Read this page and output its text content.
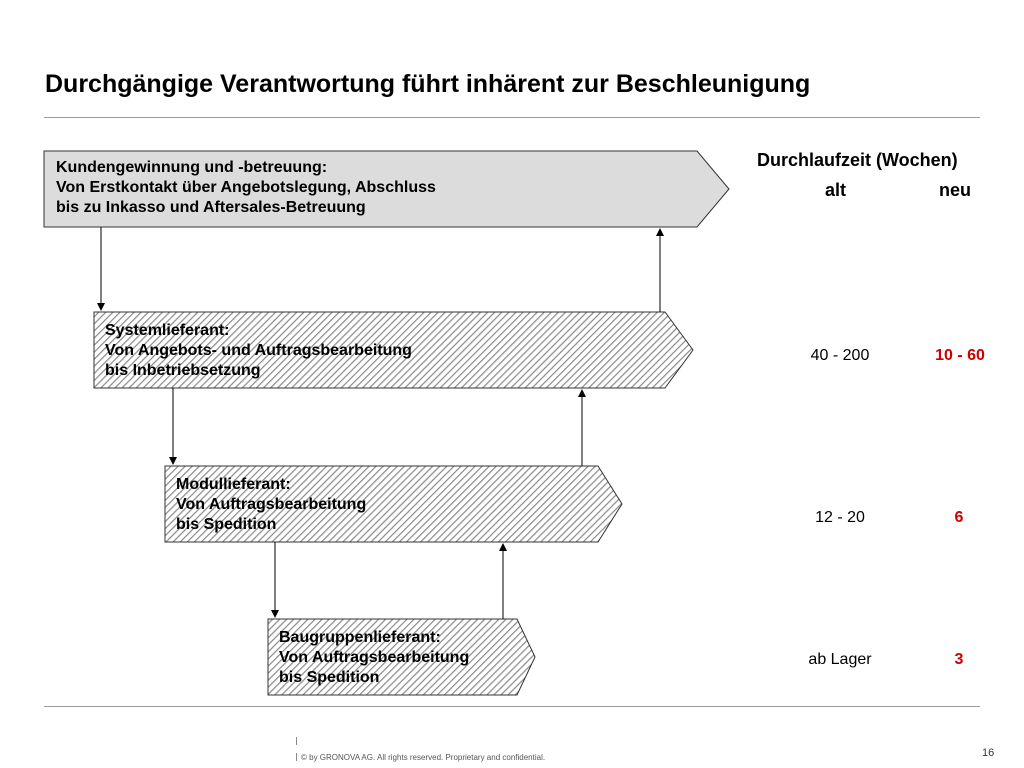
Durchgängige Verantwortung führt inhärent zur Beschleunigung
Kundengewinnung und -betreuung:
Von Erstkontakt über Angebotslegung, Abschluss
bis zu Inkasso und Aftersales-Betreuung
Systemlieferant:
Von Angebots- und Auftragsbearbeitung
bis Inbetriebsetzung
Modullieferant:
Von Auftragsbearbeitung
bis Spedition
Baugruppenlieferant:
Von Auftragsbearbeitung
bis Spedition
Durchlaufzeit (Wochen)
alt	neu
40 - 200	10 - 60
12 - 20	6
ab Lager	3
© by GRONOVA AG. All rights reserved. Proprietary and confidential.	16
